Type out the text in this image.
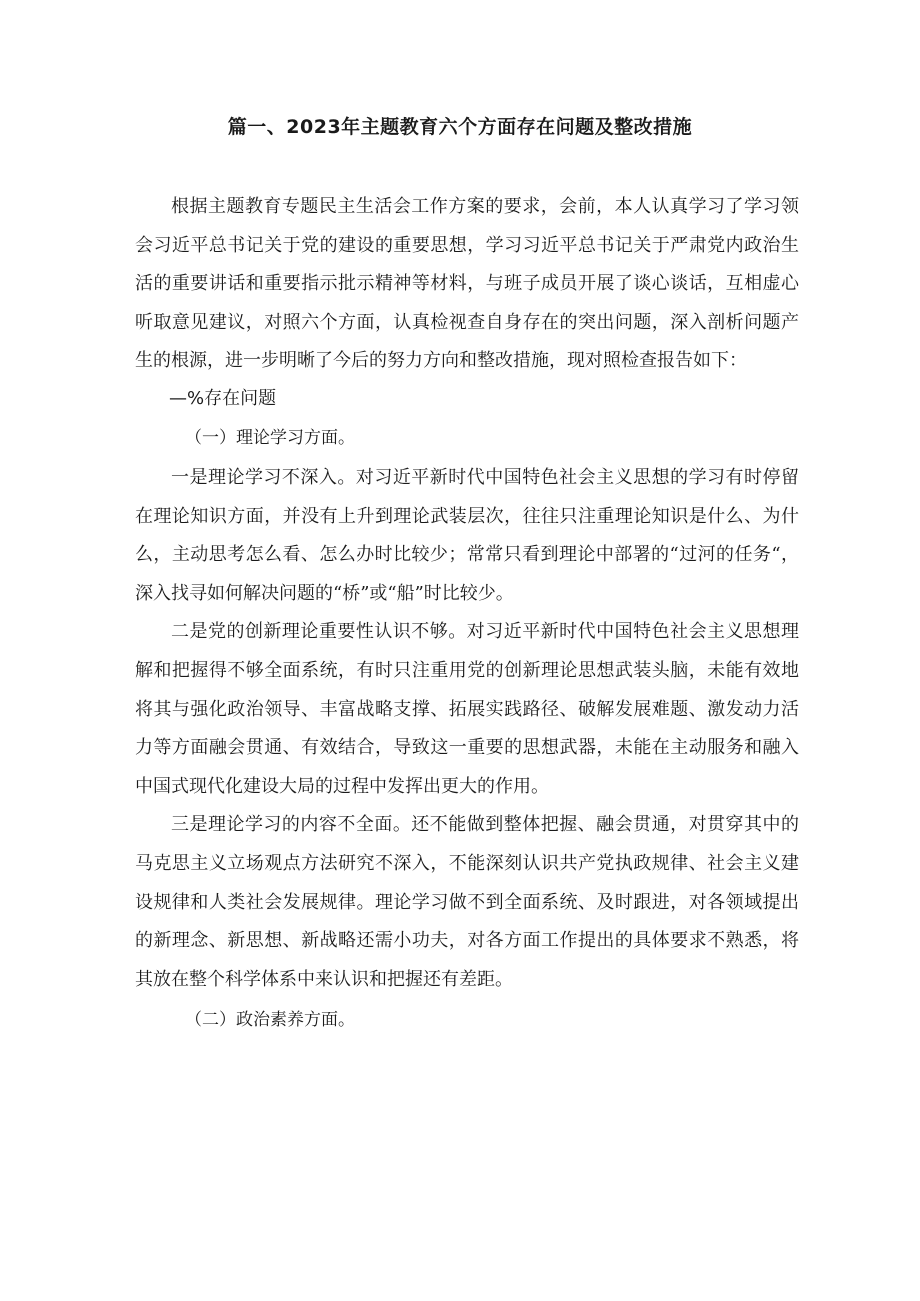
篇一、2023年主题教育六个方面存在问题及整改措施

根据主题教育专题民主生活会工作方案的要求，会前，本人认真学习了学习领会习近平总书记关于党的建设的重要思想，学习习近平总书记关于严肃党内政治生活的重要讲话和重要指示批示精神等材料，与班子成员开展了谈心谈话，互相虚心听取意见建议，对照六个方面，认真检视查自身存在的突出问题，深入剖析问题产生的根源，进一步明晰了今后的努力方向和整改措施，现对照检查报告如下：

—%存在问题

（一）理论学习方面。

一是理论学习不深入。对习近平新时代中国特色社会主义思想的学习有时停留在理论知识方面，并没有上升到理论武装层次，往往只注重理论知识是什么、为什么，主动思考怎么看、怎么办时比较少；常常只看到理论中部署的“过河的任务“，深入找寻如何解决问题的“桥”或“船”时比较少。

二是党的创新理论重要性认识不够。对习近平新时代中国特色社会主义思想理解和把握得不够全面系统，有时只注重用党的创新理论思想武装头脑，未能有效地将其与强化政治领导、丰富战略支撑、拓展实践路径、破解发展难题、激发动力活力等方面融会贯通、有效结合，导致这一重要的思想武器，未能在主动服务和融入中国式现代化建设大局的过程中发挥出更大的作用。

三是理论学习的内容不全面。还不能做到整体把握、融会贯通，对贯穿其中的马克思主义立场观点方法研究不深入，不能深刻认识共产党执政规律、社会主义建设规律和人类社会发展规律。理论学习做不到全面系统、及时跟进，对各领域提出的新理念、新思想、新战略还需小功夫，对各方面工作提出的具体要求不熟悉，将其放在整个科学体系中来认识和把握还有差距。

（二）政治素养方面。
